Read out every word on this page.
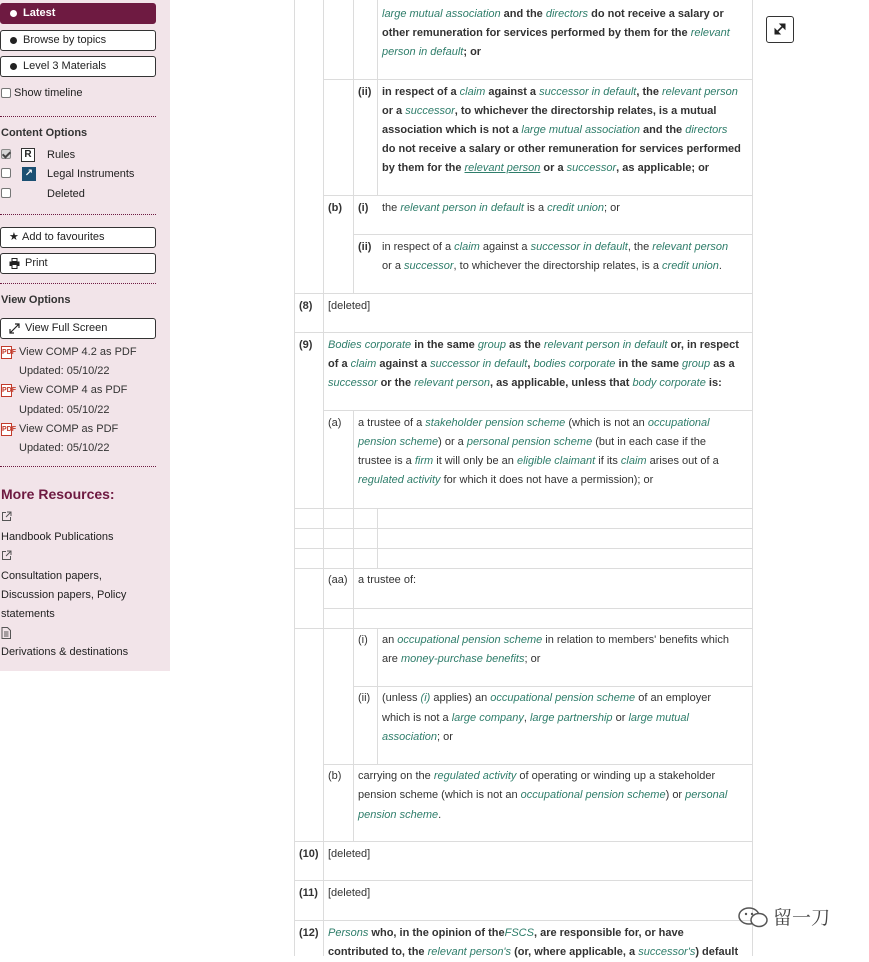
Latest
Browse by topics
Level 3 Materials
Show timeline
Content Options
R	Rules
↗ Legal Instruments
Deleted
★ Add to favourites
Print
View Options
View Full Screen
PDF View COMP 4.2 as PDF
Updated: 05/10/22
PDF View COMP 4 as PDF
Updated: 05/10/22
PDF View COMP as PDF
Updated: 05/10/22
More Resources:
Handbook Publications
Consultation papers,
Discussion papers, Policy
statements
Derivations & destinations
large mutual association and the directors do not receive a salary or
other remuneration for services performed by them for the relevant
person in default; or
(ii) in respect of a claim against a successor in default, the relevant person
or a successor, to whichever the directorship relates, is a mutual
association which is not a large mutual association and the directors
do not receive a salary or other remuneration for services performed
by them for the relevant person or a successor, as applicable; or
(b) (i) the relevant person in default is a credit union; or
(ii) in respect of a claim against a successor in default, the relevant person
or a successor, to whichever the directorship relates, is a credit union.
(8) [deleted]
(9) Bodies corporate in the same group as the relevant person in default or, in respect
of a claim against a successor in default, bodies corporate in the same group as a
successor or the relevant person, as applicable, unless that body corporate is:
(a) a trustee of a stakeholder pension scheme (which is not an occupational
pension scheme) or a personal pension scheme (but in each case if the
trustee is a firm it will only be an eligible claimant if its claim arises out of a
regulated activity for which it does not have a permission); or
(aa) a trustee of:
(i) an occupational pension scheme in relation to members' benefits which
are money-purchase benefits; or
(ii) (unless (i) applies) an occupational pension scheme of an employer
which is not a large company, large partnership or large mutual
association; or
(b) carrying on the regulated activity of operating or winding up a stakeholder
pension scheme (which is not an occupational pension scheme) or personal
pension scheme.
(10) [deleted]
(11) [deleted]
(12) Persons who, in the opinion of theFSCS, are responsible for, or have
contributed to, the relevant person's (or, where applicable, a successor's) default
留一刀
